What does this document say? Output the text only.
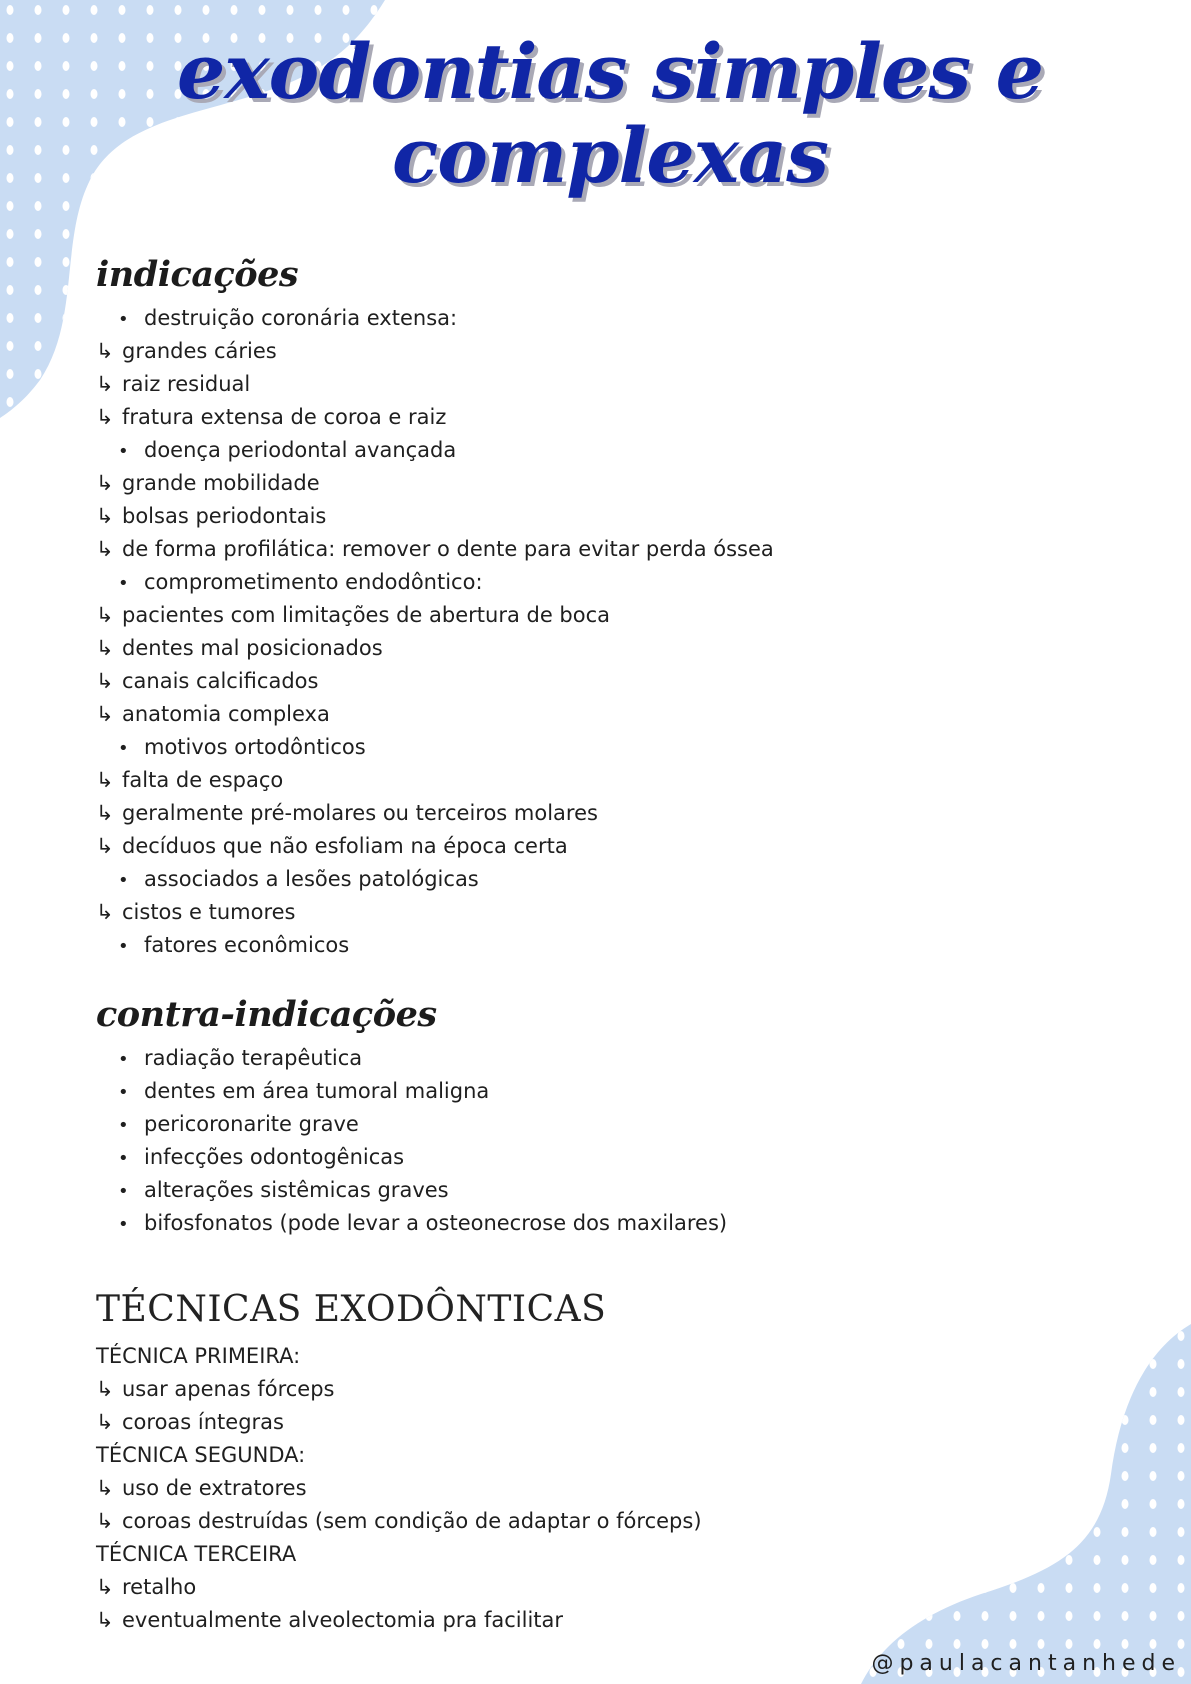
exodontias simples e
complexas
indicações
• destruição coronária extensa:
↳ grandes cáries
↳ raiz residual
↳ fratura extensa de coroa e raiz
• doença periodontal avançada
↳ grande mobilidade
↳ bolsas periodontais
↳ de forma profilática: remover o dente para evitar perda óssea
• comprometimento endodôntico:
↳ pacientes com limitações de abertura de boca
↳ dentes mal posicionados
↳ canais calcificados
↳ anatomia complexa
• motivos ortodônticos
↳ falta de espaço
↳ geralmente pré-molares ou terceiros molares
↳ decíduos que não esfoliam na época certa
• associados a lesões patológicas
↳ cistos e tumores
• fatores econômicos
contra-indicações
• radiação terapêutica
• dentes em área tumoral maligna
• pericoronarite grave
• infecções odontogênicas
• alterações sistêmicas graves
• bifosfonatos (pode levar a osteonecrose dos maxilares)
TÉCNICAS EXODÔNTICAS
TÉCNICA PRIMEIRA:
↳ usar apenas fórceps
↳ coroas íntegras
TÉCNICA SEGUNDA:
↳ uso de extratores
↳ coroas destruídas (sem condição de adaptar o fórceps)
TÉCNICA TERCEIRA
↳ retalho
↳ eventualmente alveolectomia pra facilitar
@paulacantanhede
